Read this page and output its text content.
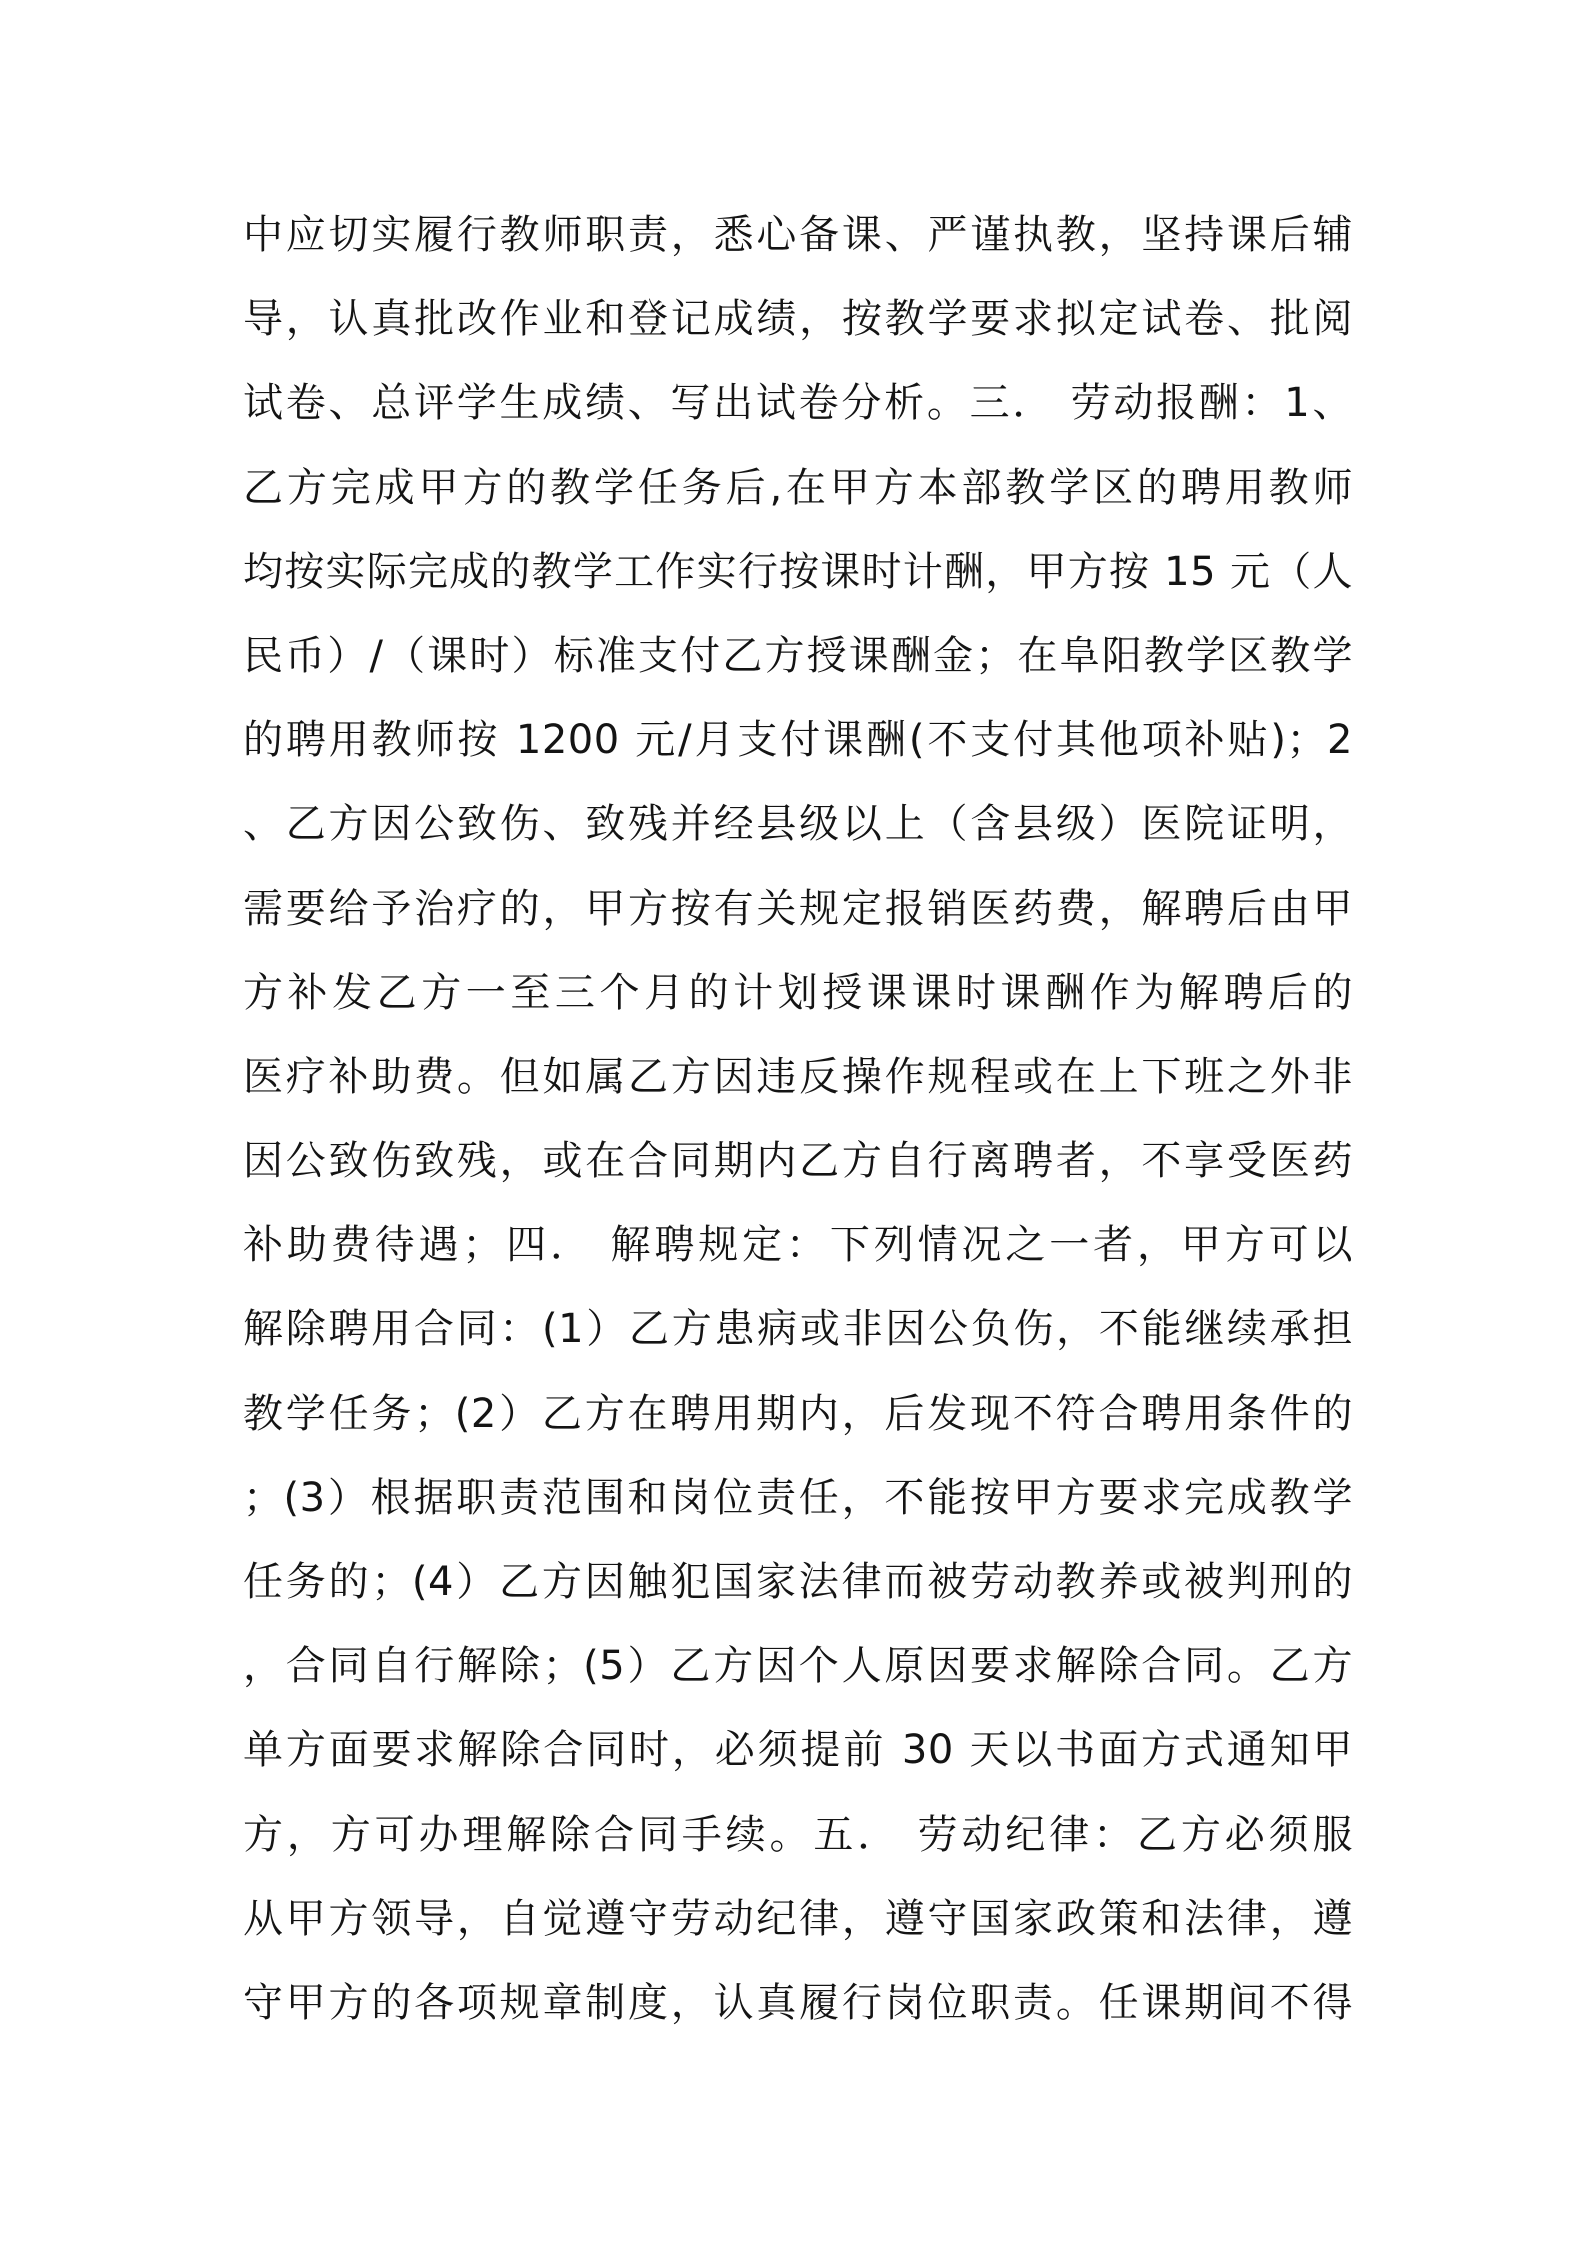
中应切实履行教师职责，悉心备课、严谨执教，坚持课后辅
导，认真批改作业和登记成绩，按教学要求拟定试卷、批阅
试卷、总评学生成绩、写出试卷分析。三． 劳动报酬：1、
乙方完成甲方的教学任务后,在甲方本部教学区的聘用教师
均按实际完成的教学工作实行按课时计酬，甲方按 15 元（人
民币）/（课时）标准支付乙方授课酬金；在阜阳教学区教学
的聘用教师按 1200 元/月支付课酬(不支付其他项补贴)；2
、乙方因公致伤、致残并经县级以上（含县级）医院证明，
需要给予治疗的，甲方按有关规定报销医药费，解聘后由甲
方补发乙方一至三个月的计划授课课时课酬作为解聘后的
医疗补助费。但如属乙方因违反操作规程或在上下班之外非
因公致伤致残，或在合同期内乙方自行离聘者，不享受医药
补助费待遇；四． 解聘规定：下列情况之一者，甲方可以
解除聘用合同：(1）乙方患病或非因公负伤，不能继续承担
教学任务；(2）乙方在聘用期内，后发现不符合聘用条件的
；(3）根据职责范围和岗位责任，不能按甲方要求完成教学
任务的；(4）乙方因触犯国家法律而被劳动教养或被判刑的
，合同自行解除；(5）乙方因个人原因要求解除合同。乙方
单方面要求解除合同时，必须提前 30 天以书面方式通知甲
方，方可办理解除合同手续。五． 劳动纪律：乙方必须服
从甲方领导，自觉遵守劳动纪律，遵守国家政策和法律，遵
守甲方的各项规章制度，认真履行岗位职责。任课期间不得
